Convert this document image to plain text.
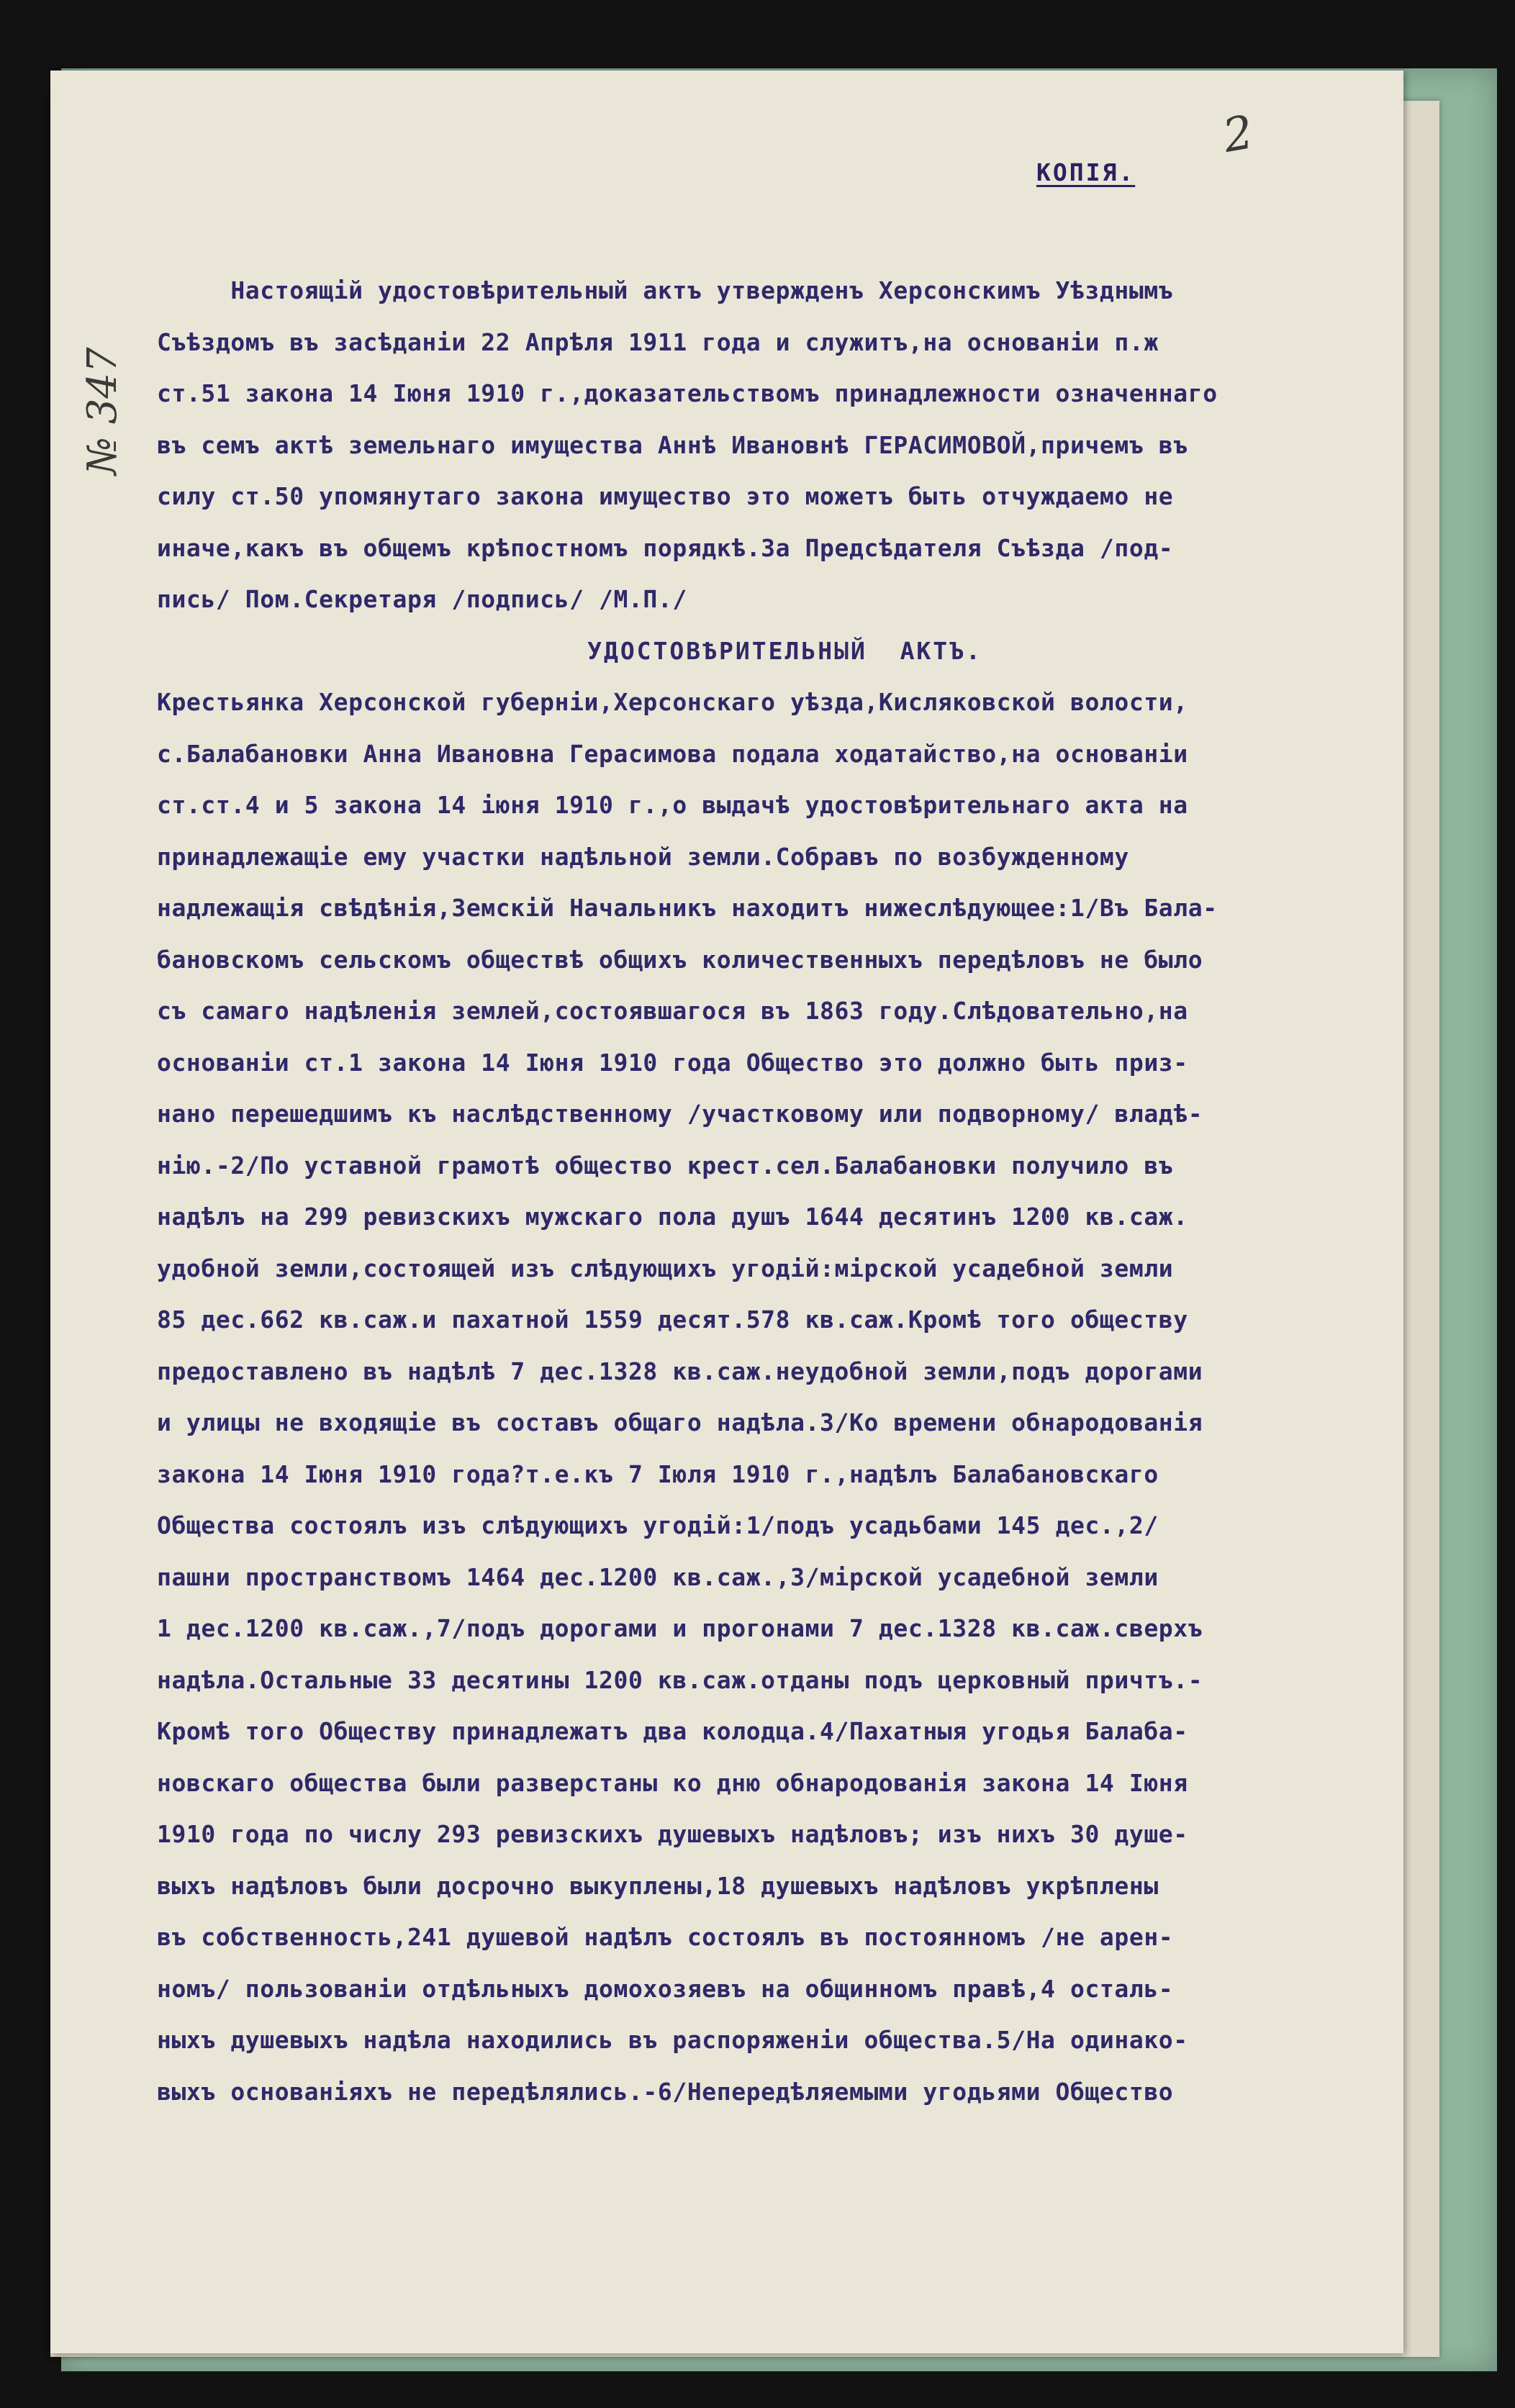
2
КОПІЯ.
№ 347
Настоящій удостовѣрительный актъ утвержденъ Херсонскимъ Уѣзднымъ
Съѣздомъ въ засѣданіи 22 Апрѣля 1911 года и служитъ,на основаніи п.ж
ст.51 закона 14 Іюня 1910 г.,доказательствомъ принадлежности означеннаго
въ семъ актѣ земельнаго имущества Аннѣ Ивановнѣ ГЕРАСИМОВОЙ,причемъ въ
силу ст.50 упомянутаго закона имущество это можетъ быть отчуждаемо не
иначе,какъ въ общемъ крѣпостномъ порядкѣ.За Предсѣдателя Съѣзда /под-
пись/ Пом.Секретаря /подпись/ /М.П./
УДОСТОВѢРИТЕЛЬНЫЙ  АКТЪ.
Крестьянка Херсонской губерніи,Херсонскаго уѣзда,Кисляковской волости,
с.Балабановки Анна Ивановна Герасимова подала ходатайство,на основаніи
ст.ст.4 и 5 закона 14 іюня 1910 г.,о выдачѣ удостовѣрительнаго акта на
принадлежащіе ему участки надѣльной земли.Собравъ по возбужденному
надлежащія свѣдѣнія,Земскій Начальникъ находитъ нижеслѣдующее:1/Въ Бала-
бановскомъ сельскомъ обществѣ общихъ количественныхъ передѣловъ не было
съ самаго надѣленія землей,состоявшагося въ 1863 году.Слѣдовательно,на
основаніи ст.1 закона 14 Іюня 1910 года Общество это должно быть приз-
нано перешедшимъ къ наслѣдственному /участковому или подворному/ владѣ-
нію.-2/По уставной грамотѣ общество крест.сел.Балабановки получило въ
надѣлъ на 299 ревизскихъ мужскаго пола душъ 1644 десятинъ 1200 кв.саж.
удобной земли,состоящей изъ слѣдующихъ угодій:мірской усадебной земли
85 дес.662 кв.саж.и пахатной 1559 десят.578 кв.саж.Кромѣ того обществу
предоставлено въ надѣлѣ 7 дес.1328 кв.саж.неудобной земли,подъ дорогами
и улицы не входящіе въ составъ общаго надѣла.3/Ко времени обнародованія
закона 14 Іюня 1910 года?т.е.къ 7 Іюля 1910 г.,надѣлъ Балабановскаго
Общества состоялъ изъ слѣдующихъ угодій:1/подъ усадьбами 145 дес.,2/
пашни пространствомъ 1464 дес.1200 кв.саж.,3/мірской усадебной земли
1 дес.1200 кв.саж.,7/подъ дорогами и прогонами 7 дес.1328 кв.саж.сверхъ
надѣла.Остальные 33 десятины 1200 кв.саж.отданы подъ церковный причтъ.-
Кромѣ того Обществу принадлежатъ два колодца.4/Пахатныя угодья Балаба-
новскаго общества были разверстаны ко дню обнародованія закона 14 Іюня
1910 года по числу 293 ревизскихъ душевыхъ надѣловъ; изъ нихъ 30 душе-
выхъ надѣловъ были досрочно выкуплены,18 душевыхъ надѣловъ укрѣплены
въ собственность,241 душевой надѣлъ состоялъ въ постоянномъ /не арен-
номъ/ пользованіи отдѣльныхъ домохозяевъ на общинномъ правѣ,4 осталь-
ныхъ душевыхъ надѣла находились въ распоряженіи общества.5/На одинако-
выхъ основаніяхъ не передѣлялись.-6/Непередѣляемыми угодьями Общество
